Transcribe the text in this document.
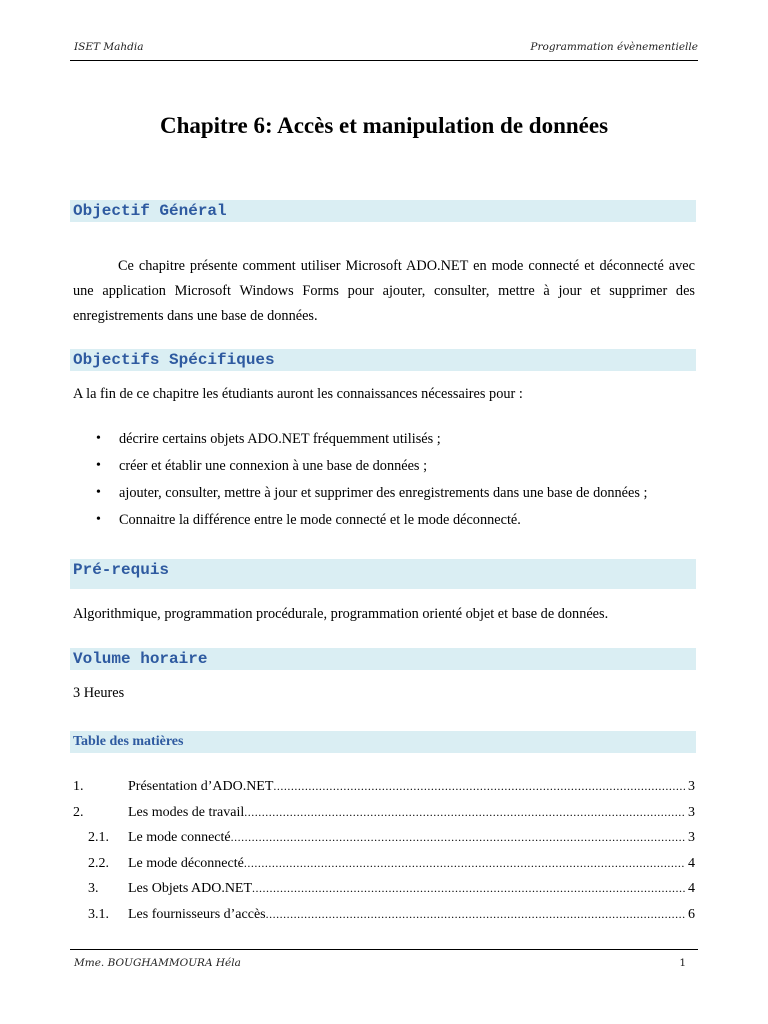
ISET Mahdia	Programmation évènementielle
Chapitre 6: Accès et manipulation de données
Objectif Général
Ce chapitre présente comment utiliser Microsoft ADO.NET en mode connecté et déconnecté avec une application Microsoft Windows Forms pour ajouter, consulter, mettre à jour et supprimer des enregistrements dans une base de données.
Objectifs Spécifiques
A la fin de ce chapitre les étudiants auront les connaissances nécessaires pour :
• décrire certains objets ADO.NET fréquemment utilisés ;
• créer et établir une connexion à une base de données ;
• ajouter, consulter, mettre à jour et supprimer des enregistrements dans une base de données ;
• Connaitre la différence entre le mode connecté et le mode déconnecté.
Pré-requis
Algorithmique, programmation procédurale, programmation orienté objet et base de données.
Volume horaire
3 Heures
Table des matières
1.	Présentation d’ADO.NET .....	3
2.	Les modes de travail .....	3
2.1.	Le mode connecté .....	3
2.2.	Le mode déconnecté .....	4
3.	Les Objets ADO.NET .....	4
3.1.	Les fournisseurs d’accès .....	6
Mme. BOUGHAMMOURA Héla	1
